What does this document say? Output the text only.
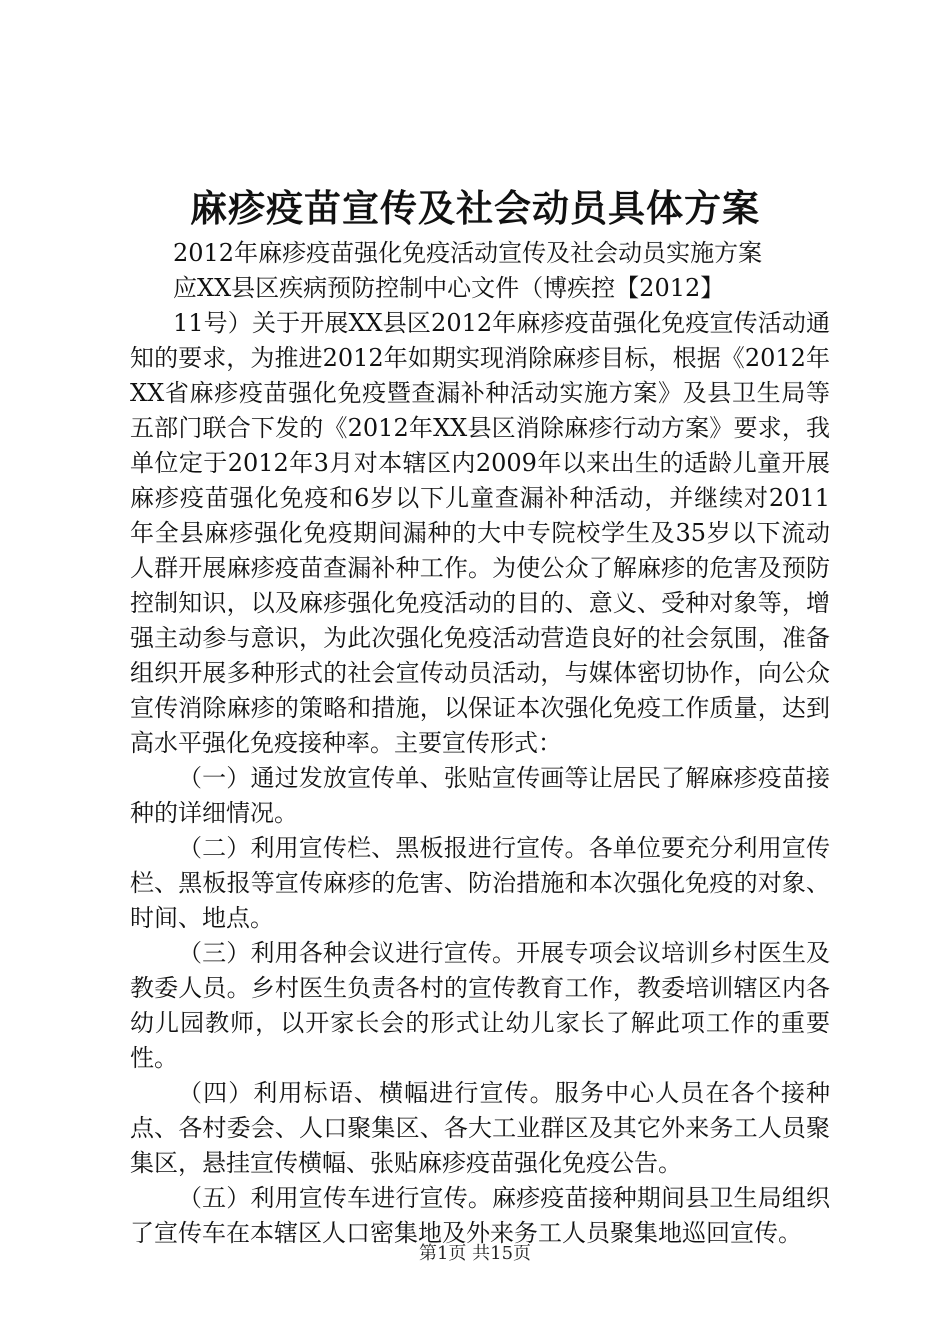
麻疹疫苗宣传及社会动员具体方案

2012年麻疹疫苗强化免疫活动宣传及社会动员实施方案

应XX县区疾病预防控制中心文件（博疾控【2012】

11号）关于开展XX县区2012年麻疹疫苗强化免疫宣传活动通知的要求，为推进2012年如期实现消除麻疹目标，根据《2012年XX省麻疹疫苗强化免疫暨查漏补种活动实施方案》及县卫生局等五部门联合下发的《2012年XX县区消除麻疹行动方案》要求，我单位定于2012年3月对本辖区内2009年以来出生的适龄儿童开展麻疹疫苗强化免疫和6岁以下儿童查漏补种活动，并继续对2011年全县麻疹强化免疫期间漏种的大中专院校学生及35岁以下流动人群开展麻疹疫苗查漏补种工作。为使公众了解麻疹的危害及预防控制知识，以及麻疹强化免疫活动的目的、意义、受种对象等，增强主动参与意识，为此次强化免疫活动营造良好的社会氛围，准备组织开展多种形式的社会宣传动员活动，与媒体密切协作，向公众宣传消除麻疹的策略和措施，以保证本次强化免疫工作质量，达到高水平强化免疫接种率。主要宣传形式：

（一）通过发放宣传单、张贴宣传画等让居民了解麻疹疫苗接种的详细情况。

（二）利用宣传栏、黑板报进行宣传。各单位要充分利用宣传栏、黑板报等宣传麻疹的危害、防治措施和本次强化免疫的对象、时间、地点。

（三）利用各种会议进行宣传。开展专项会议培训乡村医生及教委人员。乡村医生负责各村的宣传教育工作，教委培训辖区内各幼儿园教师，以开家长会的形式让幼儿家长了解此项工作的重要性。

（四）利用标语、横幅进行宣传。服务中心人员在各个接种点、各村委会、人口聚集区、各大工业群区及其它外来务工人员聚集区，悬挂宣传横幅、张贴麻疹疫苗强化免疫公告。

（五）利用宣传车进行宣传。麻疹疫苗接种期间县卫生局组织了宣传车在本辖区人口密集地及外来务工人员聚集地巡回宣传。

第1页 共15页
